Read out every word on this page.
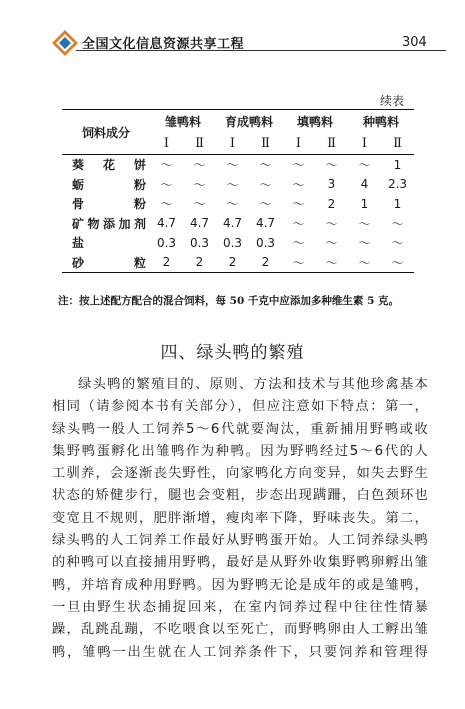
全国文化信息资源共享工程	304
续表
饲料成分	雏鸭料		育成鸭料		填鸭料		种鸭料	
	Ⅰ	Ⅱ	Ⅰ	Ⅱ	Ⅰ	Ⅱ	Ⅰ	Ⅱ
葵花饼	～	～	～	～	～	～	～	1
蛎粉	～	～	～	～	～	3	4	2.3
骨粉	～	～	～	～	～	2	1	1
矿物添加剂	4.7	4.7	4.7	4.7	～	～	～	～
盐	0.3	0.3	0.3	0.3	～	～	～	～
砂粒	2	2	2	2	～	～	～	～
注：按上述配方配合的混合饲料，每 50 千克中应添加多种维生素 5 克。
四、绿头鸭的繁殖
绿头鸭的繁殖目的、原则、方法和技术与其他珍禽基本
相同（请参阅本书有关部分），但应注意如下特点：第一，
绿头鸭一般人工饲养5～6代就要淘汰，重新捕用野鸭或收
集野鸭蛋孵化出雏鸭作为种鸭。因为野鸭经过5～6代的人
工驯养，会逐渐丧失野性，向家鸭化方向变异，如失去野生
状态的矫健步行，腿也会变粗，步态出现蹒跚，白色颈环也
变宽且不规则，肥胖渐增，瘦肉率下降，野味丧失。第二，
绿头鸭的人工饲养工作最好从野鸭蛋开始。人工饲养绿头鸭
的种鸭可以直接捕用野鸭，最好是从野外收集野鸭卵孵出雏
鸭，并培育成种用野鸭。因为野鸭无论是成年的或是雏鸭，
一旦由野生状态捕捉回来，在室内饲养过程中往往性情暴
躁，乱跳乱蹦，不吃喂食以至死亡，而野鸭卵由人工孵出雏
鸭，雏鸭一出生就在人工饲养条件下，只要饲养和管理得
